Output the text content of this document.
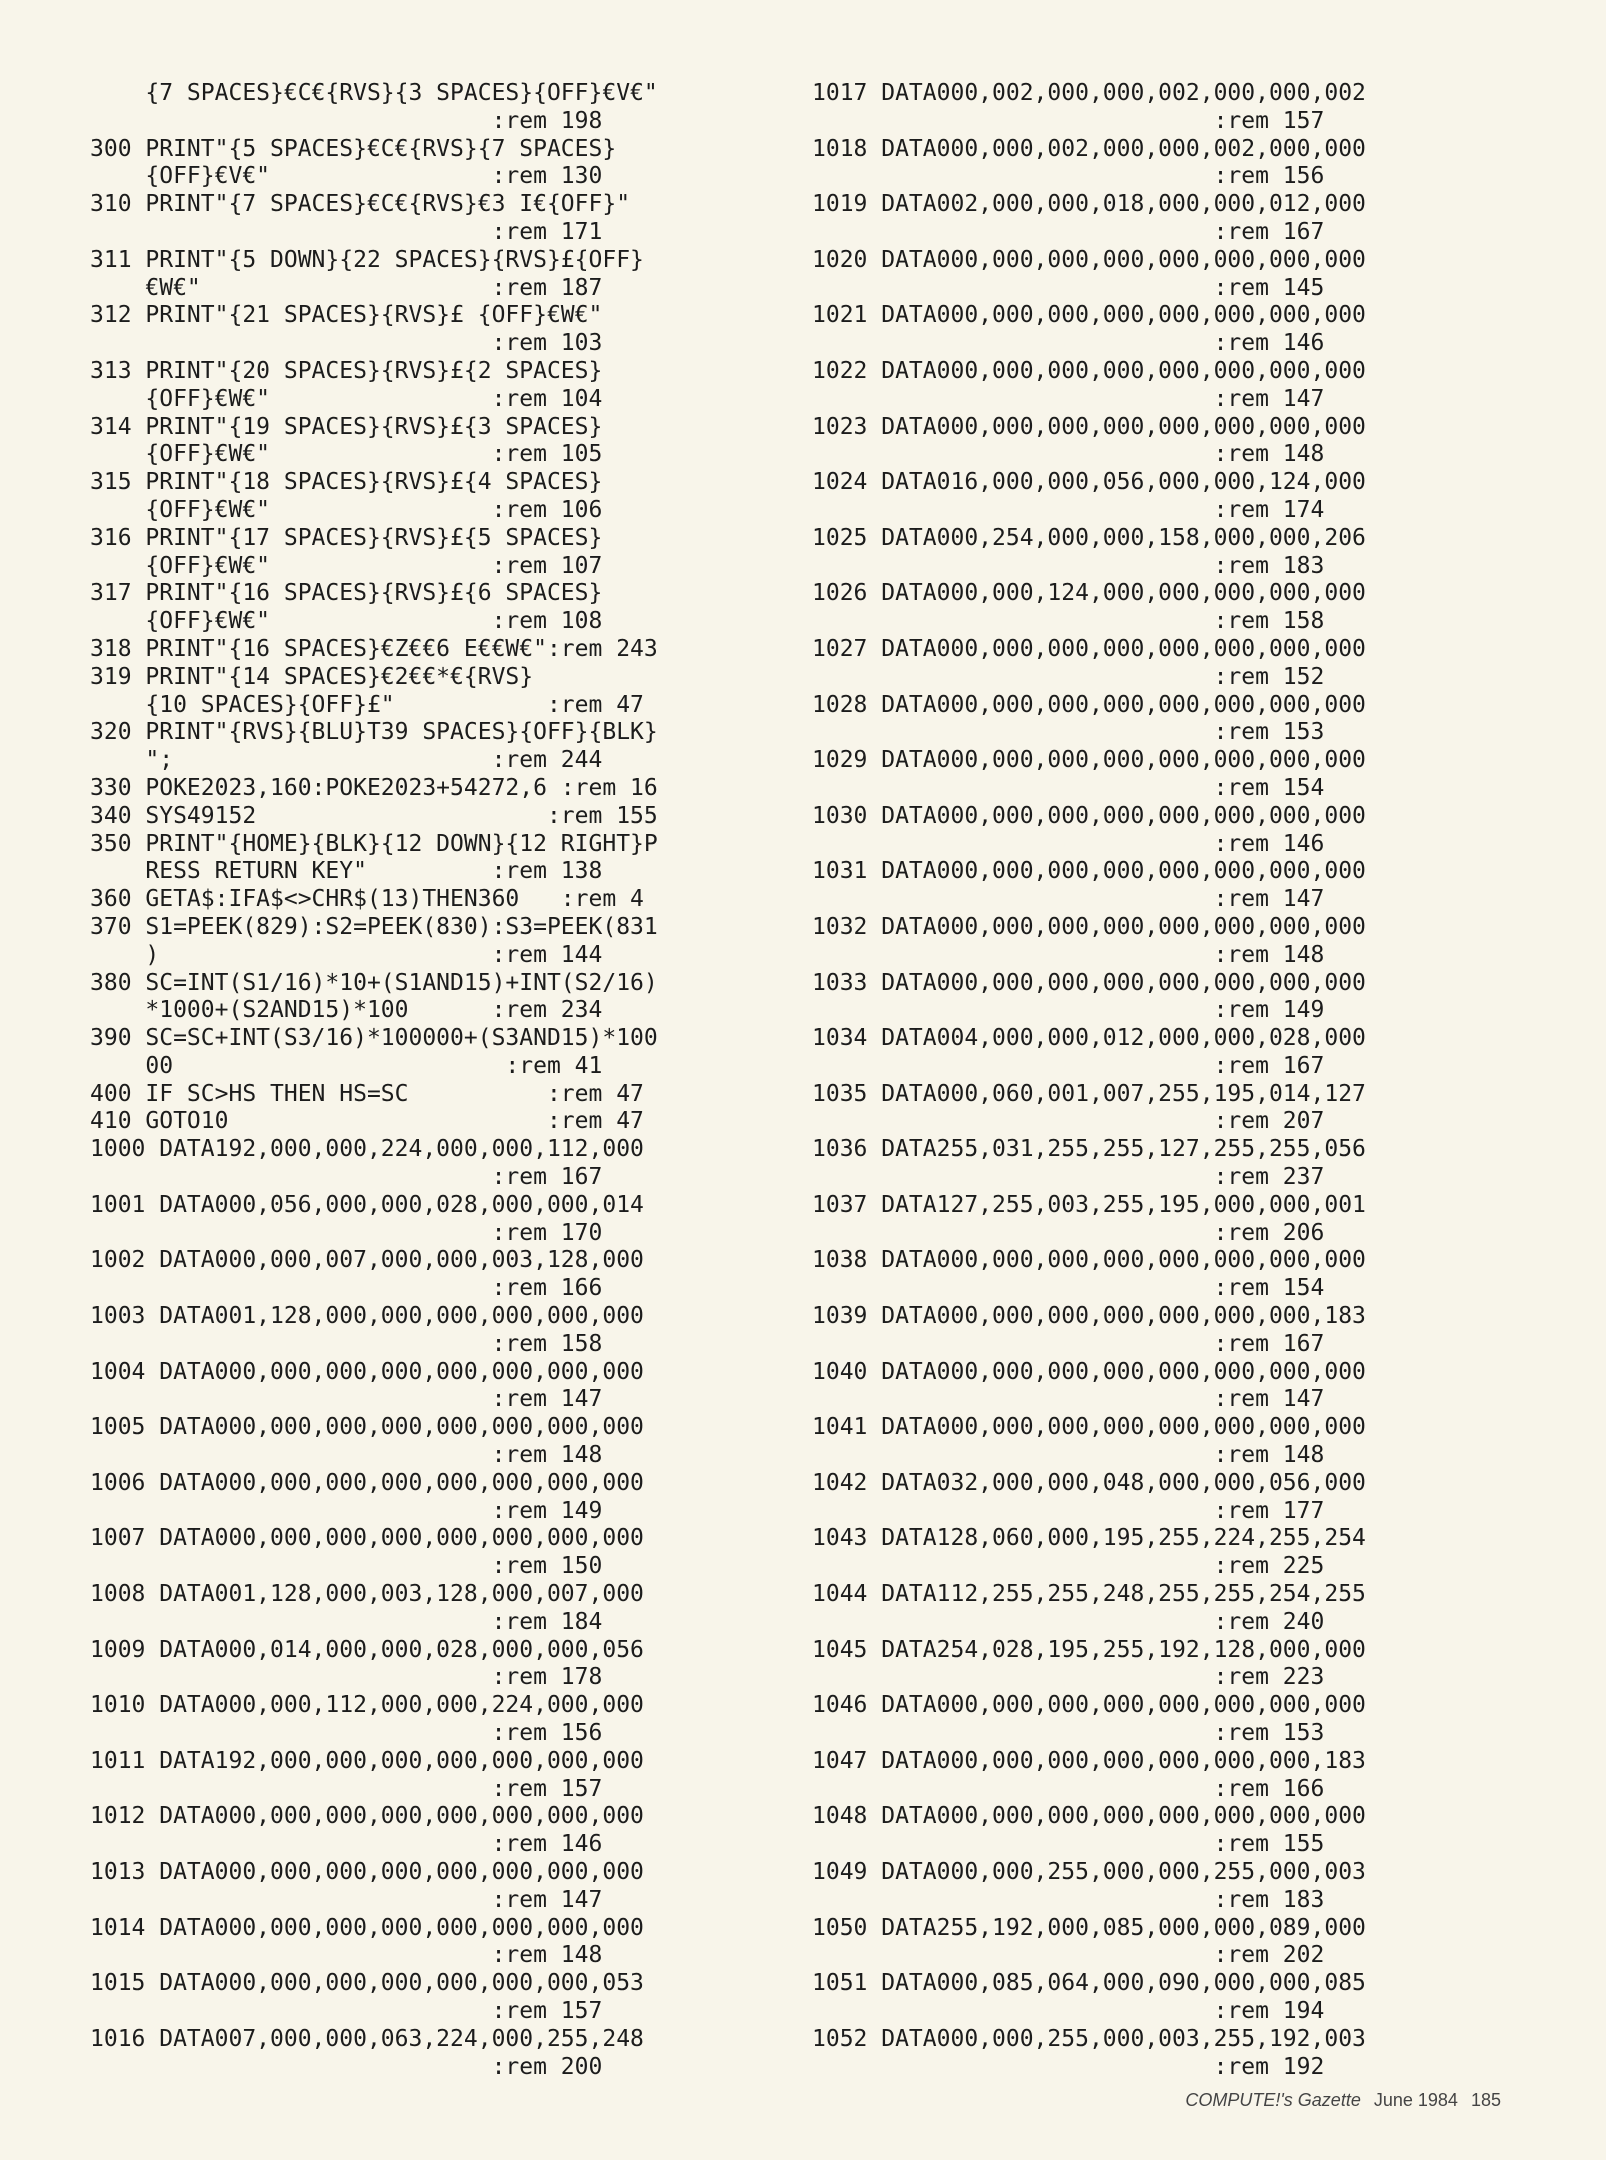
{7 SPACES}€C€{RVS}{3 SPACES}{OFF}€V€"
:rem 198
300 PRINT"{5 SPACES}€C€{RVS}{7 SPACES}
{OFF}€V€"                :rem 130
310 PRINT"{7 SPACES}€C€{RVS}€3 I€{OFF}"
:rem 171
311 PRINT"{5 DOWN}{22 SPACES}{RVS}£{OFF}
€W€"                     :rem 187
312 PRINT"{21 SPACES}{RVS}£ {OFF}€W€"
:rem 103
313 PRINT"{20 SPACES}{RVS}£{2 SPACES}
{OFF}€W€"                :rem 104
314 PRINT"{19 SPACES}{RVS}£{3 SPACES}
{OFF}€W€"                :rem 105
315 PRINT"{18 SPACES}{RVS}£{4 SPACES}
{OFF}€W€"                :rem 106
316 PRINT"{17 SPACES}{RVS}£{5 SPACES}
{OFF}€W€"                :rem 107
317 PRINT"{16 SPACES}{RVS}£{6 SPACES}
{OFF}€W€"                :rem 108
318 PRINT"{16 SPACES}€Z€€6 E€€W€":rem 243
319 PRINT"{14 SPACES}€2€€*€{RVS}
{10 SPACES}{OFF}£"           :rem 47
320 PRINT"{RVS}{BLU}T39 SPACES}{OFF}{BLK}
";                       :rem 244
330 POKE2023,160:POKE2023+54272,6 :rem 16
340 SYS49152                     :rem 155
350 PRINT"{HOME}{BLK}{12 DOWN}{12 RIGHT}P
RESS RETURN KEY"         :rem 138
360 GETA$:IFA$<>CHR$(13)THEN360   :rem 4
370 S1=PEEK(829):S2=PEEK(830):S3=PEEK(831
)                        :rem 144
380 SC=INT(S1/16)*10+(S1AND15)+INT(S2/16)
*1000+(S2AND15)*100      :rem 234
390 SC=SC+INT(S3/16)*100000+(S3AND15)*100
00                        :rem 41
400 IF SC>HS THEN HS=SC          :rem 47
410 GOTO10                       :rem 47
1000 DATA192,000,000,224,000,000,112,000
:rem 167
1001 DATA000,056,000,000,028,000,000,014
:rem 170
1002 DATA000,000,007,000,000,003,128,000
:rem 166
1003 DATA001,128,000,000,000,000,000,000
:rem 158
1004 DATA000,000,000,000,000,000,000,000
:rem 147
1005 DATA000,000,000,000,000,000,000,000
:rem 148
1006 DATA000,000,000,000,000,000,000,000
:rem 149
1007 DATA000,000,000,000,000,000,000,000
:rem 150
1008 DATA001,128,000,003,128,000,007,000
:rem 184
1009 DATA000,014,000,000,028,000,000,056
:rem 178
1010 DATA000,000,112,000,000,224,000,000
:rem 156
1011 DATA192,000,000,000,000,000,000,000
:rem 157
1012 DATA000,000,000,000,000,000,000,000
:rem 146
1013 DATA000,000,000,000,000,000,000,000
:rem 147
1014 DATA000,000,000,000,000,000,000,000
:rem 148
1015 DATA000,000,000,000,000,000,000,053
:rem 157
1016 DATA007,000,000,063,224,000,255,248
:rem 200
1017 DATA000,002,000,000,002,000,000,002
:rem 157
1018 DATA000,000,002,000,000,002,000,000
:rem 156
1019 DATA002,000,000,018,000,000,012,000
:rem 167
1020 DATA000,000,000,000,000,000,000,000
:rem 145
1021 DATA000,000,000,000,000,000,000,000
:rem 146
1022 DATA000,000,000,000,000,000,000,000
:rem 147
1023 DATA000,000,000,000,000,000,000,000
:rem 148
1024 DATA016,000,000,056,000,000,124,000
:rem 174
1025 DATA000,254,000,000,158,000,000,206
:rem 183
1026 DATA000,000,124,000,000,000,000,000
:rem 158
1027 DATA000,000,000,000,000,000,000,000
:rem 152
1028 DATA000,000,000,000,000,000,000,000
:rem 153
1029 DATA000,000,000,000,000,000,000,000
:rem 154
1030 DATA000,000,000,000,000,000,000,000
:rem 146
1031 DATA000,000,000,000,000,000,000,000
:rem 147
1032 DATA000,000,000,000,000,000,000,000
:rem 148
1033 DATA000,000,000,000,000,000,000,000
:rem 149
1034 DATA004,000,000,012,000,000,028,000
:rem 167
1035 DATA000,060,001,007,255,195,014,127
:rem 207
1036 DATA255,031,255,255,127,255,255,056
:rem 237
1037 DATA127,255,003,255,195,000,000,001
:rem 206
1038 DATA000,000,000,000,000,000,000,000
:rem 154
1039 DATA000,000,000,000,000,000,000,183
:rem 167
1040 DATA000,000,000,000,000,000,000,000
:rem 147
1041 DATA000,000,000,000,000,000,000,000
:rem 148
1042 DATA032,000,000,048,000,000,056,000
:rem 177
1043 DATA128,060,000,195,255,224,255,254
:rem 225
1044 DATA112,255,255,248,255,255,254,255
:rem 240
1045 DATA254,028,195,255,192,128,000,000
:rem 223
1046 DATA000,000,000,000,000,000,000,000
:rem 153
1047 DATA000,000,000,000,000,000,000,183
:rem 166
1048 DATA000,000,000,000,000,000,000,000
:rem 155
1049 DATA000,000,255,000,000,255,000,003
:rem 183
1050 DATA255,192,000,085,000,000,089,000
:rem 202
1051 DATA000,085,064,000,090,000,000,085
:rem 194
1052 DATA000,000,255,000,003,255,192,003
:rem 192
COMPUTE!'s Gazette June 1984 185
